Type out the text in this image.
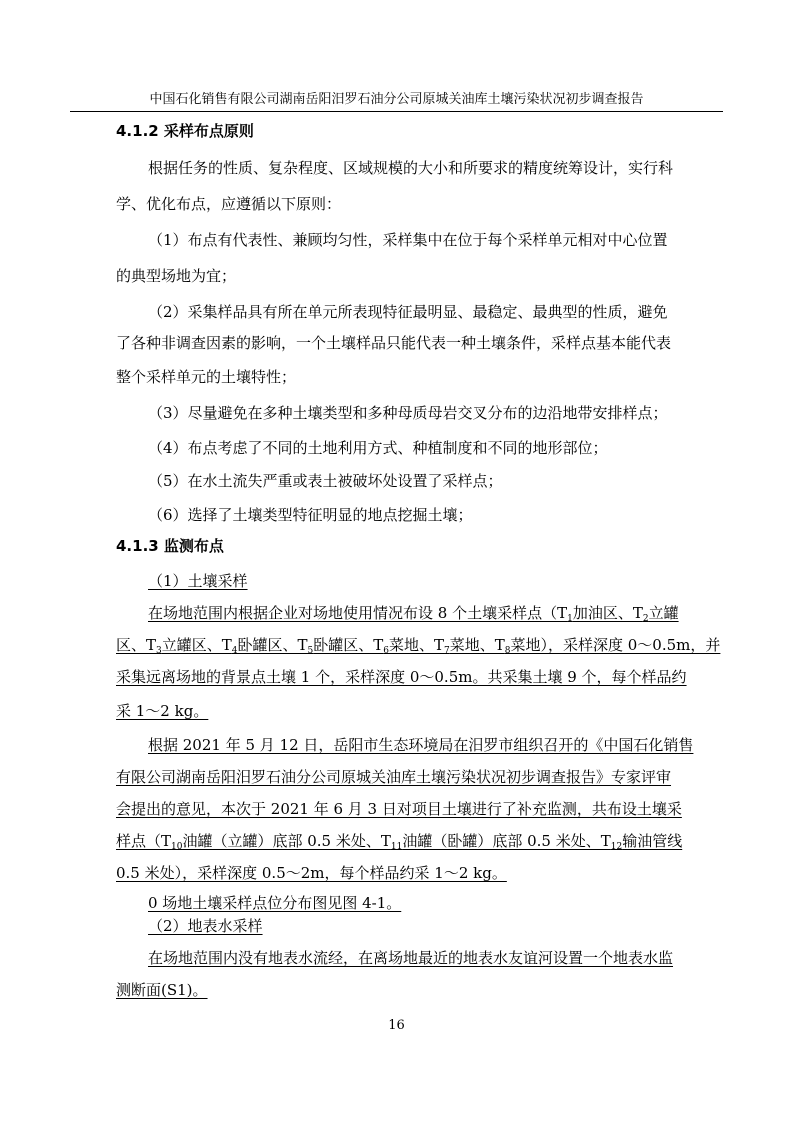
中国石化销售有限公司湖南岳阳汨罗石油分公司原城关油库土壤污染状况初步调查报告
4.1.2 采样布点原则
根据任务的性质、复杂程度、区域规模的大小和所要求的精度统筹设计，实行科
学、优化布点，应遵循以下原则：
（1）布点有代表性、兼顾均匀性，采样集中在位于每个采样单元相对中心位置
的典型场地为宜；
（2）采集样品具有所在单元所表现特征最明显、最稳定、最典型的性质，避免
了各种非调查因素的影响，一个土壤样品只能代表一种土壤条件，采样点基本能代表
整个采样单元的土壤特性；
（3）尽量避免在多种土壤类型和多种母质母岩交叉分布的边沿地带安排样点；
（4）布点考虑了不同的土地利用方式、种植制度和不同的地形部位；
（5）在水土流失严重或表土被破坏处设置了采样点；
（6）选择了土壤类型特征明显的地点挖掘土壤；
4.1.3 监测布点
（1）土壤采样
在场地范围内根据企业对场地使用情况布设 8 个土壤采样点（$T_1$加油区、$T_2$立罐
区、$T_3$立罐区、$T_4$卧罐区、$T_5$卧罐区、$T_6$菜地、$T_7$菜地、$T_8$菜地），采样深度 0～0.5m，并
采集远离场地的背景点土壤 1 个，采样深度 0～0.5m。共采集土壤 9 个，每个样品约
采 1～2 kg。
根据 2021 年 5 月 12 日，岳阳市生态环境局在汨罗市组织召开的《中国石化销售
有限公司湖南岳阳汨罗石油分公司原城关油库土壤污染状况初步调查报告》专家评审
会提出的意见，本次于 2021 年 6 月 3 日对项目土壤进行了补充监测，共布设土壤采
样点（$T_{10}$油罐（立罐）底部 0.5 米处、$T_{11}$油罐（卧罐）底部 0.5 米处、$T_{12}$输油管线
0.5 米处），采样深度 0.5～2m，每个样品约采 1～2 kg。
0 场地土壤采样点位分布图见图 4-1。
（2）地表水采样
在场地范围内没有地表水流经，在离场地最近的地表水友谊河设置一个地表水监
测断面(S1)。
16
